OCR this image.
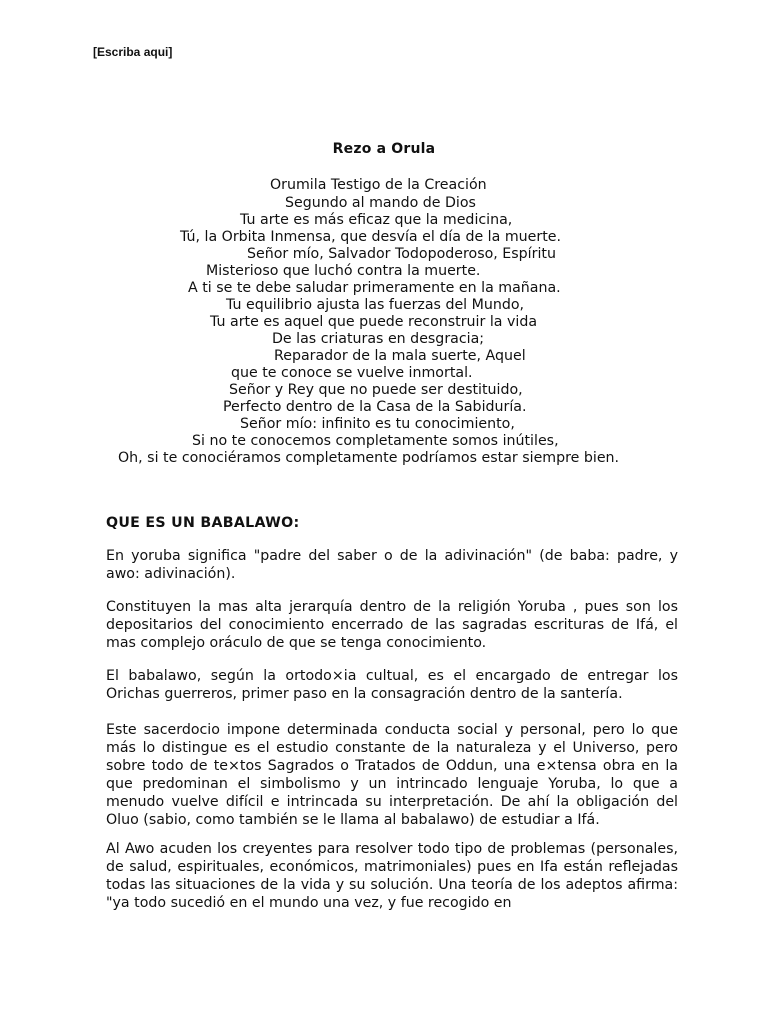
[Escriba aqui]
Rezo a Orula
Orumila Testigo de la Creación
Segundo al mando de Dios
Tu arte es más eficaz que la medicina,
Tú, la Orbita Inmensa, que desvía el día de la muerte.
Señor mío, Salvador Todopoderoso, Espíritu
Misterioso que luchó contra la muerte.
A ti se te debe saludar primeramente en la mañana.
Tu equilibrio ajusta las fuerzas del Mundo,
Tu arte es aquel que puede reconstruir la vida
De las criaturas en desgracia;
Reparador de la mala suerte, Aquel
que te conoce se vuelve inmortal.
Señor y Rey que no puede ser destituido,
Perfecto dentro de la Casa de la Sabiduría.
Señor mío: infinito es tu conocimiento,
Si no te conocemos completamente somos inútiles,
Oh, si te conociéramos completamente podríamos estar siempre bien.
QUE ES UN BABALAWO:
En yoruba significa "padre del saber o de la adivinación" (de baba: padre, y awo: adivinación).
Constituyen la mas alta jerarquía dentro de la religión Yoruba , pues son los depositarios del conocimiento encerrado de las sagradas escrituras de Ifá, el mas complejo oráculo de que se tenga conocimiento.
El babalawo, según la ortodo×ia cultual, es el encargado de entregar los Orichas guerreros, primer paso en la consagración dentro de la santería.
Este sacerdocio impone determinada conducta social y personal, pero lo que más lo distingue es el estudio constante de la naturaleza y el Universo, pero sobre todo de te×tos Sagrados o Tratados de Oddun, una e×tensa obra en la que predominan el simbolismo y un intrincado lenguaje Yoruba, lo que a menudo vuelve difícil e intrincada su interpretación. De ahí la obligación del Oluo (sabio, como también se le llama al babalawo) de estudiar a Ifá.
Al Awo acuden los creyentes para resolver todo tipo de problemas (personales, de salud, espirituales, económicos, matrimoniales) pues en Ifa están reflejadas todas las situaciones de la vida y su solución. Una teoría de los adeptos afirma: "ya todo sucedió en el mundo una vez, y fue recogido en
